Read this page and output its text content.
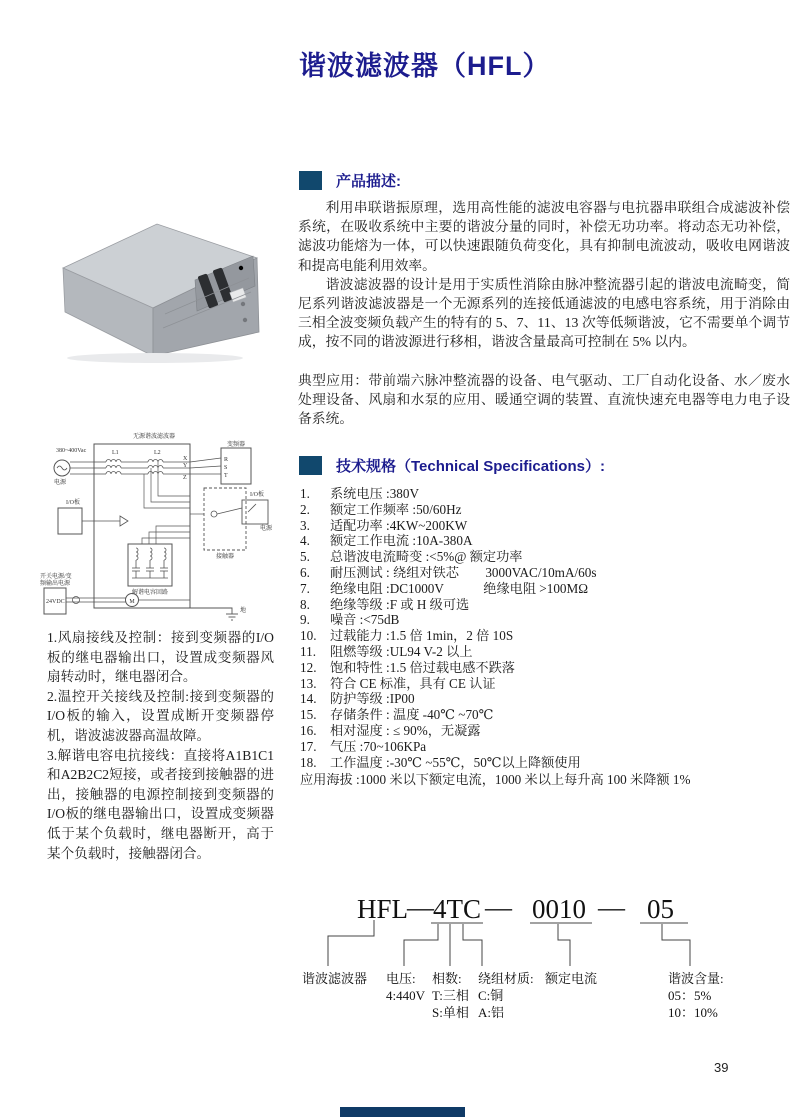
谐波滤波器（HFL）
产品描述:

利用串联谐振原理，选用高性能的滤波电容器与电抗器串联组合成滤波补偿系统，在吸收系统中主要的谐波分量的同时，补偿无功功率。将动态无功补偿，滤波功能熔为一体，可以快速跟随负荷变化，具有抑制电流波动，吸收电网谐波和提高电能利用效率。

谐波滤波器的设计是用于实质性消除由脉冲整流器引起的谐波电流畸变，简尼系列谐波滤波器是一个无源系列的连接低通滤波的电感电容系统，用于消除由三相全波变频负载产生的特有的 5、7、11、13 次等低频谐波，它不需要单个调节成，按不同的谐波源进行移相，谐波含量最高可控制在 5% 以内。

典型应用：带前端六脉冲整流器的设备、电气驱动、工厂自动化设备、水／废水处理设备、风扇和水泵的应用、暖通空调的装置、直流快速充电器等电力电子设备系统。

无源谐波滤波器
380~400Vac
电源
L1	L2
X
Y
Z
变频器
R
S
T
I/O板
接触器
I/O板
电源
解谐电容回路
开关电源/变
频输出电源
24VDC	M
地

1.风扇接线及控制：接到变频器的I/O板的继电器输出口，设置成变频器风扇转动时，继电器闭合。

2.温控开关接线及控制:接到变频器的I/O板的输入，设置成断开变频器停机，谐波滤波器高温故障。

3.解谐电容电抗接线：直接将A1B1C1和A2B2C2短接，或者接到接触器的进出，接触器的电源控制接到变频器的I/O板的继电器输出口，设置成变频器低于某个负载时，继电器断开，高于某个负载时，接触器闭合。

技术规格（Technical Specifications）:
1.	系统电压 :380V
2.	额定工作频率 :50/60Hz
3.	适配功率 :4KW~200KW
4.	额定工作电流 :10A-380A
5.	总谐波电流畸变 :<5%@ 额定功率
6.	耐压测试 : 绕组对铁芯　　3000VAC/10mA/60s
7.	绝缘电阻 :DC1000V　　　绝缘电阻 >100MΩ
8.	绝缘等级 :F 或 H 级可选
9.	噪音 :<75dB
10.	过载能力 :1.5 倍 1min，2 倍 10S
11.	阻燃等级 :UL94 V-2 以上
12.	饱和特性 :1.5 倍过载电感不跌落
13.	符合 CE 标准，具有 CE 认证
14.	防护等级 :IP00
15.	存储条件 : 温度 -40℃ ~70℃
16.	相对湿度 : ≤ 90%，无凝露
17.	气压 :70~106KPa
18.	工作温度 :-30℃ ~55℃，50℃以上降额使用
应用海拔 :1000 米以下额定电流，1000 米以上每升高 100 米降额 1%
HFL
— 4TC — 0010 — 05
谐波滤波器 电压:
4:440V
相数:
T:三相
S:单相
绕组材质:
C:铜
A:铝
额定电流	谐波含量:
05：5%
10：10%
39
